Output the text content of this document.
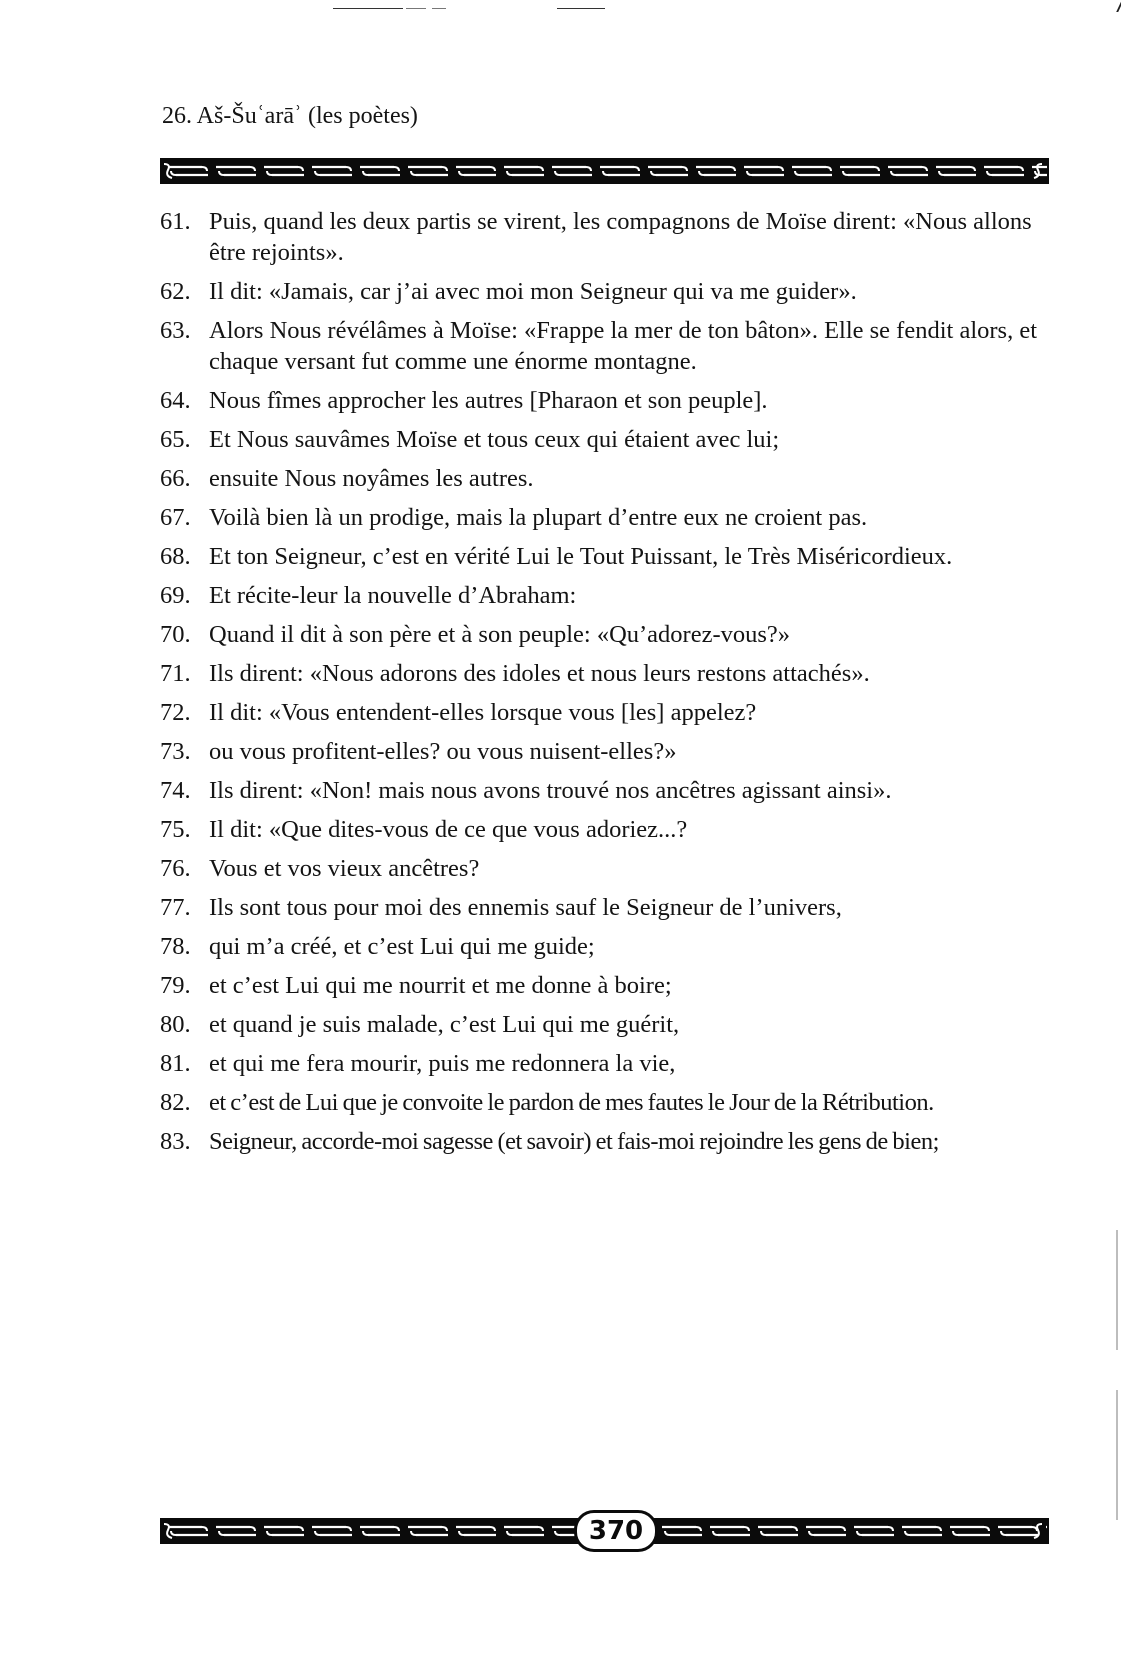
26. Aš-Šuʿarāʾ (les poètes)
61. Puis, quand les deux partis se virent, les compagnons de Moïse dirent: «Nous allons être rejoints».
62. Il dit: «Jamais, car j’ai avec moi mon Seigneur qui va me guider».
63. Alors Nous révélâmes à Moïse: «Frappe la mer de ton bâton». Elle se fendit alors, et chaque versant fut comme une énorme montagne.
64. Nous fîmes approcher les autres [Pharaon et son peuple].
65. Et Nous sauvâmes Moïse et tous ceux qui étaient avec lui;
66. ensuite Nous noyâmes les autres.
67. Voilà bien là un prodige, mais la plupart d’entre eux ne croient pas.
68. Et ton Seigneur, c’est en vérité Lui le Tout Puissant, le Très Miséricordieux.
69. Et récite-leur la nouvelle d’Abraham:
70. Quand il dit à son père et à son peuple: «Qu’adorez-vous?»
71. Ils dirent: «Nous adorons des idoles et nous leurs restons attachés».
72. Il dit: «Vous entendent-elles lorsque vous [les] appelez?
73. ou vous profitent-elles? ou vous nuisent-elles?»
74. Ils dirent: «Non! mais nous avons trouvé nos ancêtres agissant ainsi».
75. Il dit: «Que dites-vous de ce que vous adoriez...?
76. Vous et vos vieux ancêtres?
77. Ils sont tous pour moi des ennemis sauf le Seigneur de l’univers,
78. qui m’a créé, et c’est Lui qui me guide;
79. et c’est Lui qui me nourrit et me donne à boire;
80. et quand je suis malade, c’est Lui qui me guérit,
81. et qui me fera mourir, puis me redonnera la vie,
82. et c’est de Lui que je convoite le pardon de mes fautes le Jour de la Rétribution.
83. Seigneur, accorde-moi sagesse (et savoir) et fais-moi rejoindre les gens de bien;
370
